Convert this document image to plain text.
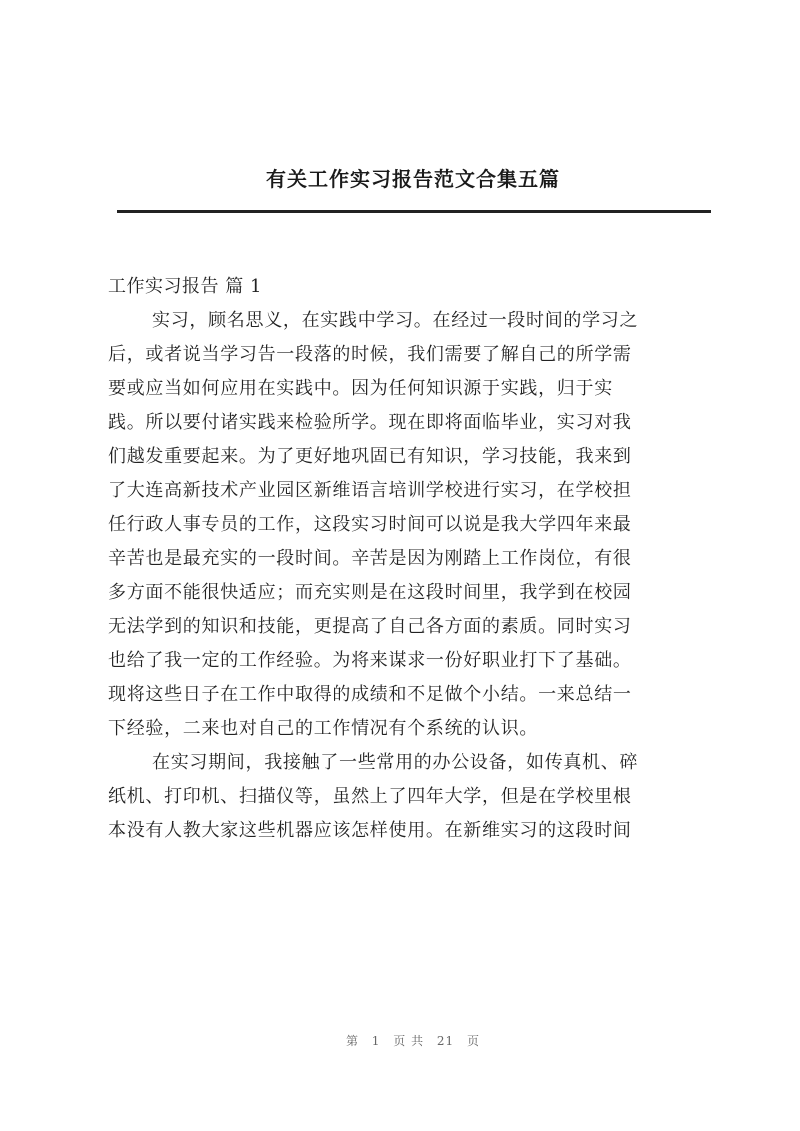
有关工作实习报告范文合集五篇
工作实习报告 篇 1
实习，顾名思义，在实践中学习。在经过一段时间的学习之
后，或者说当学习告一段落的时候，我们需要了解自己的所学需
要或应当如何应用在实践中。因为任何知识源于实践，归于实
践。所以要付诸实践来检验所学。现在即将面临毕业，实习对我
们越发重要起来。为了更好地巩固已有知识，学习技能，我来到
了大连高新技术产业园区新维语言培训学校进行实习，在学校担
任行政人事专员的工作，这段实习时间可以说是我大学四年来最
辛苦也是最充实的一段时间。辛苦是因为刚踏上工作岗位，有很
多方面不能很快适应；而充实则是在这段时间里，我学到在校园
无法学到的知识和技能，更提高了自己各方面的素质。同时实习
也给了我一定的工作经验。为将来谋求一份好职业打下了基础。
现将这些日子在工作中取得的成绩和不足做个小结。一来总结一
下经验，二来也对自己的工作情况有个系统的认识。
在实习期间，我接触了一些常用的办公设备，如传真机、碎
纸机、打印机、扫描仪等，虽然上了四年大学，但是在学校里根
本没有人教大家这些机器应该怎样使用。在新维实习的这段时间
第 1 页 共 21 页
